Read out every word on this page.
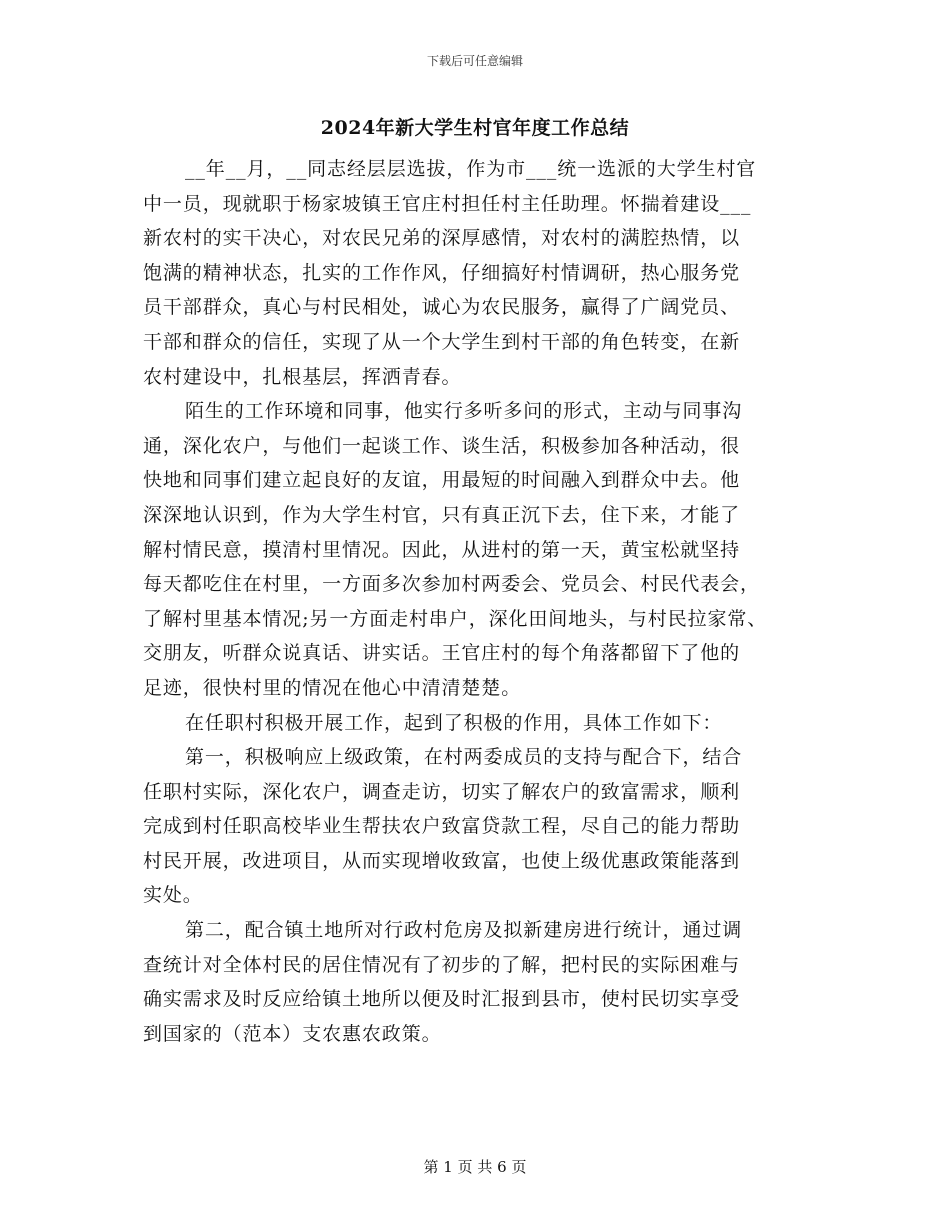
下载后可任意编辑
2024年新大学生村官年度工作总结
__年__月，__同志经层层选拔，作为市___统一选派的大学生村官
中一员，现就职于杨家坡镇王官庄村担任村主任助理。怀揣着建设___
新农村的实干决心，对农民兄弟的深厚感情，对农村的满腔热情，以
饱满的精神状态，扎实的工作作风，仔细搞好村情调研，热心服务党
员干部群众，真心与村民相处，诚心为农民服务，赢得了广阔党员、
干部和群众的信任，实现了从一个大学生到村干部的角色转变，在新
农村建设中，扎根基层，挥洒青春。
陌生的工作环境和同事，他实行多听多问的形式，主动与同事沟
通，深化农户，与他们一起谈工作、谈生活，积极参加各种活动，很
快地和同事们建立起良好的友谊，用最短的时间融入到群众中去。他
深深地认识到，作为大学生村官，只有真正沉下去，住下来，才能了
解村情民意，摸清村里情况。因此，从进村的第一天，黄宝松就坚持
每天都吃住在村里，一方面多次参加村两委会、党员会、村民代表会，
了解村里基本情况;另一方面走村串户，深化田间地头，与村民拉家常、
交朋友，听群众说真话、讲实话。王官庄村的每个角落都留下了他的
足迹，很快村里的情况在他心中清清楚楚。
在任职村积极开展工作，起到了积极的作用，具体工作如下：
第一，积极响应上级政策，在村两委成员的支持与配合下，结合
任职村实际，深化农户，调查走访，切实了解农户的致富需求，顺利
完成到村任职高校毕业生帮扶农户致富贷款工程，尽自己的能力帮助
村民开展，改进项目，从而实现增收致富，也使上级优惠政策能落到
实处。
第二，配合镇土地所对行政村危房及拟新建房进行统计，通过调
查统计对全体村民的居住情况有了初步的了解，把村民的实际困难与
确实需求及时反应给镇土地所以便及时汇报到县市，使村民切实享受
到国家的（范本）支农惠农政策。
第 1 页 共 6 页
